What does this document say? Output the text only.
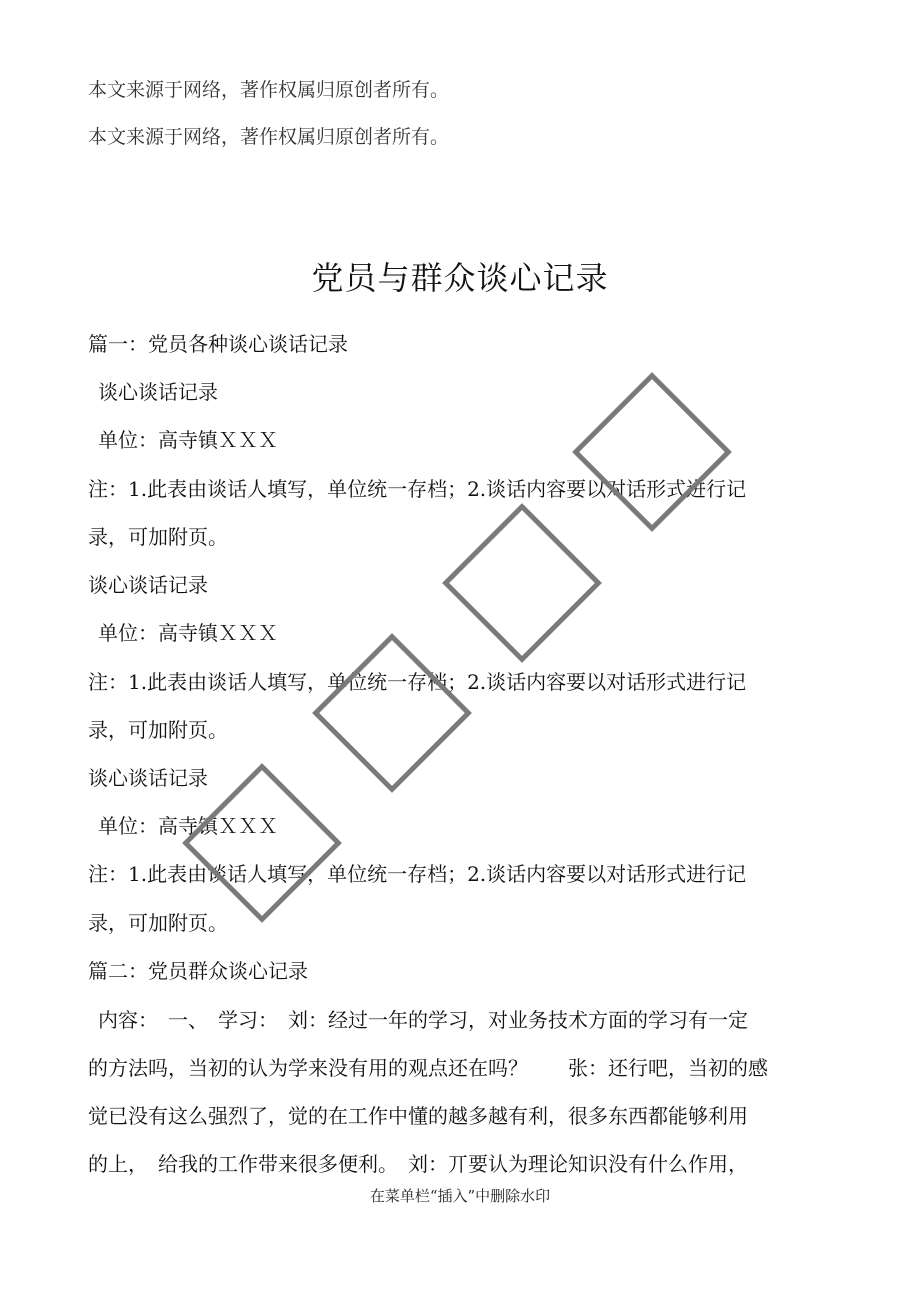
本文来源于网络，著作权属归原创者所有。
本文来源于网络，著作权属归原创者所有。
党员与群众谈心记录
篇一：党员各种谈心谈话记录
谈心谈话记录
单位：高寺镇ＸＸＸ
注：1.此表由谈话人填写，单位统一存档；2.谈话内容要以对话形式进行记
录，可加附页。
谈心谈话记录
单位：高寺镇ＸＸＸ
注：1.此表由谈话人填写，单位统一存档；2.谈话内容要以对话形式进行记
录，可加附页。
谈心谈话记录
单位：高寺镇ＸＸＸ
注：1.此表由谈话人填写，单位统一存档；2.谈话内容要以对话形式进行记
录，可加附页。
篇二：党员群众谈心记录
内容：　一、　学习：　刘：经过一年的学习，对业务技术方面的学习有一定
的方法吗，当初的认为学来没有用的观点还在吗？　　张：还行吧，当初的感
觉已没有这么强烈了，觉的在工作中懂的越多越有利，很多东西都能够利用
的上，　给我的工作带来很多便利。　刘：丌要认为理论知识没有什么作用，
在菜单栏“插入”中删除水印
